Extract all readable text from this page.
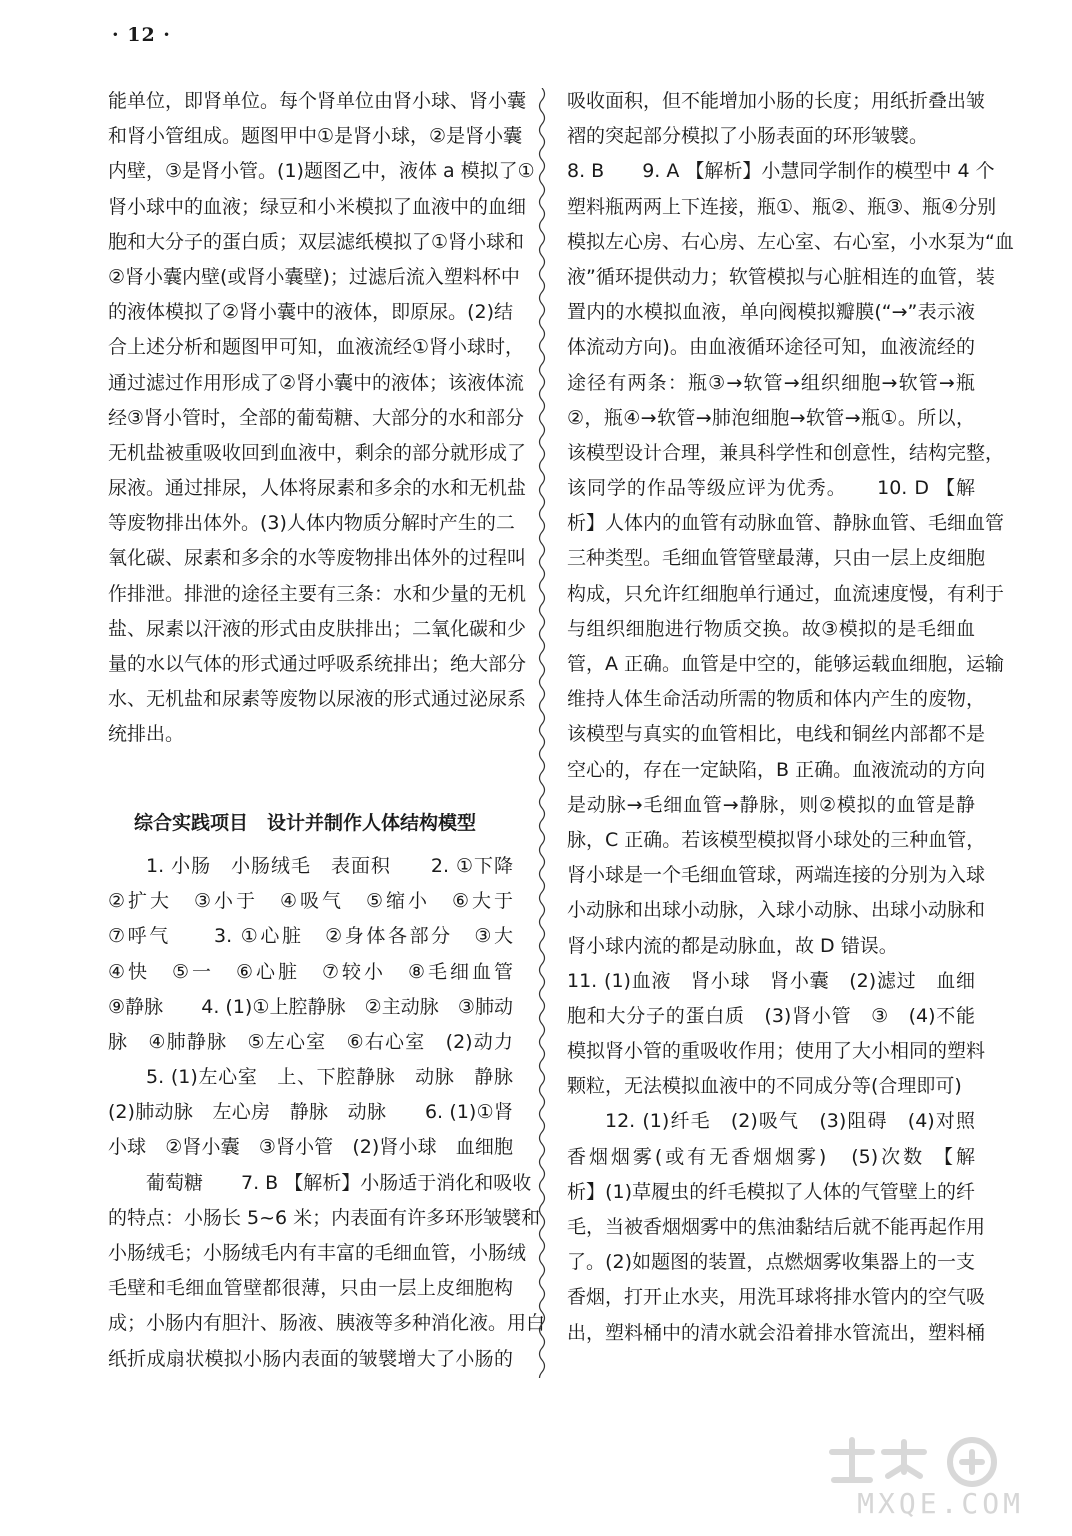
· 12 ·
能单位，即肾单位。每个肾单位由肾小球、肾小囊
和肾小管组成。题图甲中①是肾小球，②是肾小囊
内壁，③是肾小管。(1)题图乙中，液体 a 模拟了①
肾小球中的血液；绿豆和小米模拟了血液中的血细
胞和大分子的蛋白质；双层滤纸模拟了①肾小球和
②肾小囊内壁(或肾小囊壁)；过滤后流入塑料杯中
的液体模拟了②肾小囊中的液体，即原尿。(2)结
合上述分析和题图甲可知，血液流经①肾小球时，
通过滤过作用形成了②肾小囊中的液体；该液体流
经③肾小管时，全部的葡萄糖、大部分的水和部分
无机盐被重吸收回到血液中，剩余的部分就形成了
尿液。通过排尿，人体将尿素和多余的水和无机盐
等废物排出体外。(3)人体内物质分解时产生的二
氧化碳、尿素和多余的水等废物排出体外的过程叫
作排泄。排泄的途径主要有三条：水和少量的无机
盐、尿素以汗液的形式由皮肤排出；二氧化碳和少
量的水以气体的形式通过呼吸系统排出；绝大部分
水、无机盐和尿素等废物以尿液的形式通过泌尿系
统排出。
综合实践项目　设计并制作人体结构模型
1. 小肠　小肠绒毛　表面积　　2. ①下降
②扩大　③小于　④吸气　⑤缩小　⑥大于
⑦呼气　　3. ①心脏　②身体各部分　③大
④快　⑤一　⑥心脏　⑦较小　⑧毛细血管
⑨静脉　　4. (1)①上腔静脉　②主动脉　③肺动
脉　④肺静脉　⑤左心室　⑥右心室　(2)动力
5. (1)左心室　上、下腔静脉　动脉　静脉
(2)肺动脉　左心房　静脉　动脉　　6. (1)①肾
小球　②肾小囊　③肾小管　(2)肾小球　血细胞
葡萄糖　　7. B 【解析】小肠适于消化和吸收
的特点：小肠长 5~6 米；内表面有许多环形皱襞和
小肠绒毛；小肠绒毛内有丰富的毛细血管，小肠绒
毛壁和毛细血管壁都很薄，只由一层上皮细胞构
成；小肠内有胆汁、肠液、胰液等多种消化液。用白
纸折成扇状模拟小肠内表面的皱襞增大了小肠的
吸收面积，但不能增加小肠的长度；用纸折叠出皱
褶的突起部分模拟了小肠表面的环形皱襞。
8. B　　9. A 【解析】小慧同学制作的模型中 4 个
塑料瓶两两上下连接，瓶①、瓶②、瓶③、瓶④分别
模拟左心房、右心房、左心室、右心室，小水泵为“血
液”循环提供动力；软管模拟与心脏相连的血管，装
置内的水模拟血液，单向阀模拟瓣膜(“→”表示液
体流动方向)。由血液循环途径可知，血液流经的
途径有两条：瓶③→软管→组织细胞→软管→瓶
②，瓶④→软管→肺泡细胞→软管→瓶①。所以，
该模型设计合理，兼具科学性和创意性，结构完整，
该同学的作品等级应评为优秀。　　10. D 【解
析】人体内的血管有动脉血管、静脉血管、毛细血管
三种类型。毛细血管管壁最薄，只由一层上皮细胞
构成，只允许红细胞单行通过，血流速度慢，有利于
与组织细胞进行物质交换。故③模拟的是毛细血
管，A 正确。血管是中空的，能够运载血细胞，运输
维持人体生命活动所需的物质和体内产生的废物，
该模型与真实的血管相比，电线和铜丝内部都不是
空心的，存在一定缺陷，B 正确。血液流动的方向
是动脉→毛细血管→静脉，则②模拟的血管是静
脉，C 正确。若该模型模拟肾小球处的三种血管，
肾小球是一个毛细血管球，两端连接的分别为入球
小动脉和出球小动脉，入球小动脉、出球小动脉和
肾小球内流的都是动脉血，故 D 错误。
11. (1)血液　肾小球　肾小囊　(2)滤过　血细
胞和大分子的蛋白质　(3)肾小管　③　(4)不能
模拟肾小管的重吸收作用；使用了大小相同的塑料
颗粒，无法模拟血液中的不同成分等(合理即可)
12. (1)纤毛　(2)吸气　(3)阻碍　(4)对照
香烟烟雾(或有无香烟烟雾)　(5)次数 【解
析】(1)草履虫的纤毛模拟了人体的气管壁上的纤
毛，当被香烟烟雾中的焦油黏结后就不能再起作用
了。(2)如题图的装置，点燃烟雾收集器上的一支
香烟，打开止水夹，用洗耳球将排水管内的空气吸
出，塑料桶中的清水就会沿着排水管流出，塑料桶
MXQE.COM
